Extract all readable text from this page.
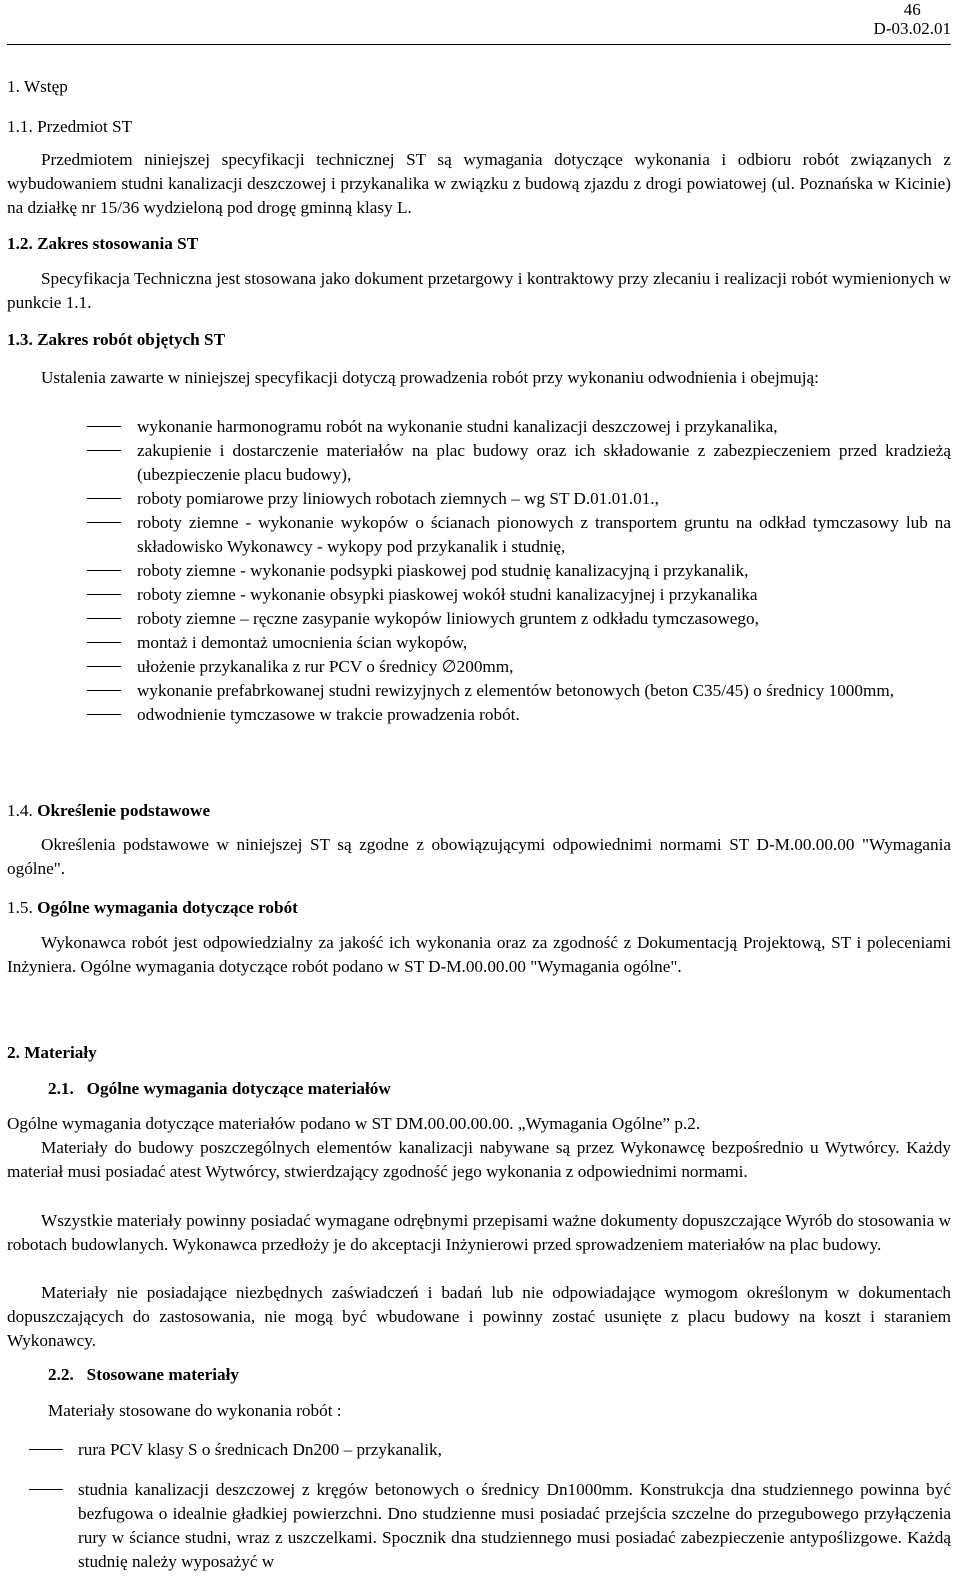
46
D-03.02.01

1. Wstęp

1.1. Przedmiot ST

Przedmiotem niniejszej specyfikacji technicznej ST są wymagania dotyczące wykonania i odbioru robót związanych z wybudowaniem studni kanalizacji deszczowej i przykanalika w związku z budową zjazdu z drogi powiatowej (ul. Poznańska w Kicinie) na działkę nr 15/36 wydzieloną pod drogę gminną klasy L.

1.2. Zakres stosowania ST

Specyfikacja Techniczna jest stosowana jako dokument przetargowy i kontraktowy przy zlecaniu i realizacji robót wymienionych w punkcie 1.1.

1.3. Zakres robót objętych ST

Ustalenia zawarte w niniejszej specyfikacji dotyczą prowadzenia robót przy wykonaniu odwodnienia i obejmują:

wykonanie harmonogramu robót na wykonanie studni kanalizacji deszczowej i przykanalika,
zakupienie i dostarczenie materiałów na plac budowy oraz ich składowanie z zabezpieczeniem przed kradzieżą (ubezpieczenie placu budowy),
roboty pomiarowe przy liniowych robotach ziemnych – wg ST D.01.01.01.,
roboty ziemne - wykonanie wykopów o ścianach pionowych z transportem gruntu na odkład tymczasowy lub na składowisko Wykonawcy - wykopy pod przykanalik i studnię,
roboty ziemne - wykonanie podsypki piaskowej pod studnię kanalizacyjną i przykanalik,
roboty ziemne - wykonanie obsypki piaskowej wokół studni kanalizacyjnej i przykanalika
roboty ziemne – ręczne zasypanie wykopów liniowych gruntem z odkładu tymczasowego,
montaż i demontaż umocnienia ścian wykopów,
ułożenie przykanalika z rur PCV o średnicy ∅200mm,
wykonanie prefabrkowanej studni rewizyjnych z elementów betonowych (beton C35/45) o średnicy 1000mm,
odwodnienie tymczasowe w trakcie prowadzenia robót.

1.4. Określenie podstawowe

Określenia podstawowe w niniejszej ST są zgodne z obowiązującymi odpowiednimi normami ST D-M.00.00.00 "Wymagania ogólne".

1.5. Ogólne wymagania dotyczące robót

Wykonawca robót jest odpowiedzialny za jakość ich wykonania oraz za zgodność z Dokumentacją Projektową, ST i poleceniami Inżyniera. Ogólne wymagania dotyczące robót podano w ST D-M.00.00.00 "Wymagania ogólne".

2. Materiały

2.1.   Ogólne wymagania dotyczące materiałów

Ogólne wymagania dotyczące materiałów podano w ST DM.00.00.00.00. „Wymagania Ogólne” p.2.

Materiały do budowy poszczególnych elementów kanalizacji nabywane są przez Wykonawcę bezpośrednio u Wytwórcy. Każdy materiał musi posiadać atest Wytwórcy, stwierdzający zgodność jego wykonania z odpowiednimi normami.

Wszystkie materiały powinny posiadać wymagane odrębnymi przepisami ważne dokumenty dopuszczające Wyrób do stosowania w robotach budowlanych. Wykonawca przedłoży je do akceptacji Inżynierowi przed sprowadzeniem materiałów na plac budowy.

Materiały nie posiadające niezbędnych zaświadczeń i badań lub nie odpowiadające wymogom określonym w dokumentach dopuszczających do zastosowania, nie mogą być wbudowane i powinny zostać usunięte z placu budowy na koszt i staraniem Wykonawcy.

2.2.   Stosowane materiały

Materiały stosowane do wykonania robót :

rura PCV klasy S o średnicach Dn200 – przykanalik,
studnia kanalizacji deszczowej z kręgów betonowych o średnicy Dn1000mm. Konstrukcja dna studziennego powinna być bezfugowa o idealnie gładkiej powierzchni. Dno studzienne musi posiadać przejścia szczelne do przegubowego przyłączenia rury w ściance studni, wraz z uszczelkami. Spocznik dna studziennego musi posiadać zabezpieczenie antypoślizgowe. Każdą studnię należy wyposażyć w
